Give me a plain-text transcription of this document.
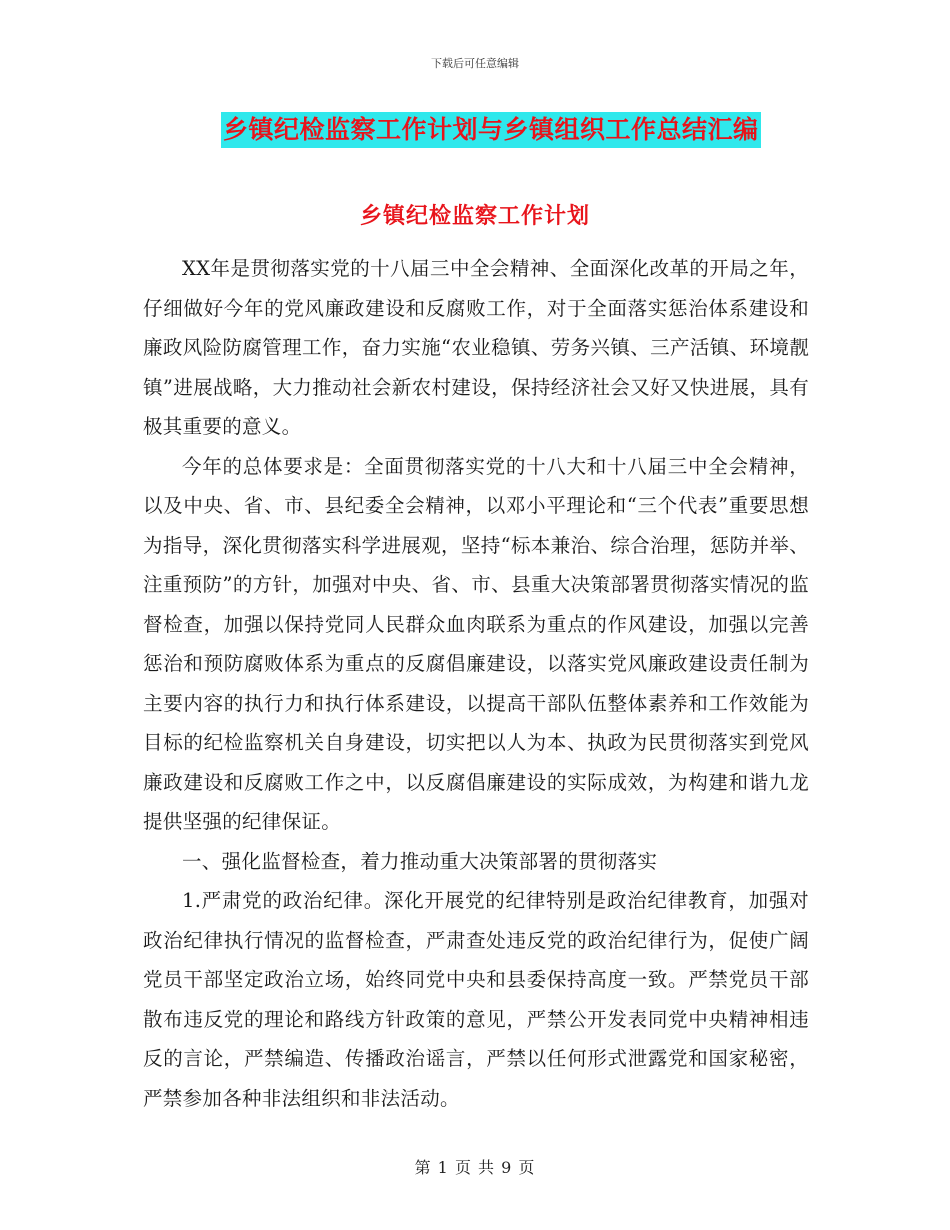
下载后可任意编辑
乡镇纪检监察工作计划与乡镇组织工作总结汇编
乡镇纪检监察工作计划

XX年是贯彻落实党的十八届三中全会精神、全面深化改革的开局之年，仔细做好今年的党风廉政建设和反腐败工作，对于全面落实惩治体系建设和廉政风险防腐管理工作，奋力实施“农业稳镇、劳务兴镇、三产活镇、环境靓镇”进展战略，大力推动社会新农村建设，保持经济社会又好又快进展，具有极其重要的意义。

今年的总体要求是：全面贯彻落实党的十八大和十八届三中全会精神，以及中央、省、市、县纪委全会精神，以邓小平理论和“三个代表”重要思想为指导，深化贯彻落实科学进展观，坚持“标本兼治、综合治理，惩防并举、注重预防”的方针，加强对中央、省、市、县重大决策部署贯彻落实情况的监督检查，加强以保持党同人民群众血肉联系为重点的作风建设，加强以完善惩治和预防腐败体系为重点的反腐倡廉建设，以落实党风廉政建设责任制为主要内容的执行力和执行体系建设，以提高干部队伍整体素养和工作效能为目标的纪检监察机关自身建设，切实把以人为本、执政为民贯彻落实到党风廉政建设和反腐败工作之中，以反腐倡廉建设的实际成效，为构建和谐九龙提供坚强的纪律保证。

一、强化监督检查，着力推动重大决策部署的贯彻落实

1.严肃党的政治纪律。深化开展党的纪律特别是政治纪律教育，加强对政治纪律执行情况的监督检查，严肃查处违反党的政治纪律行为，促使广阔党员干部坚定政治立场，始终同党中央和县委保持高度一致。严禁党员干部散布违反党的理论和路线方针政策的意见，严禁公开发表同党中央精神相违反的言论，严禁编造、传播政治谣言，严禁以任何形式泄露党和国家秘密，严禁参加各种非法组织和非法活动。

第 1 页 共 9 页
